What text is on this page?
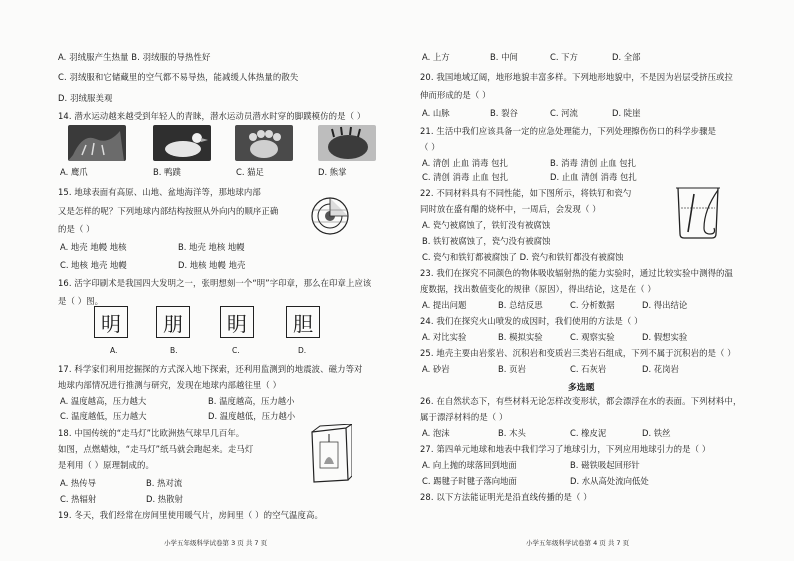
A. 羽绒服产生热量 B. 羽绒服的导热性好
C. 羽绒服和它储藏里的空气都不易导热，能减缓人体热量的散失
D. 羽绒服美观
14. 潜水运动越来越受到年轻人的青睐，潜水运动员潜水时穿的脚蹼模仿的是（ ）
A. 鹰爪	B. 鸭蹼	C. 猫足	D. 熊掌
15. 地球表面有高原、山地、盆地海洋等，那地球内部
又是怎样的呢？下列地球内部结构按照从外向内的顺序正确
的是（ ）
A. 地壳 地幔 地核	B. 地壳 地核 地幔
C. 地核 地壳 地幔	D. 地核 地幔 地壳
16. 活字印刷术是我国四大发明之一，张明想刻一个“明”字印章，那么在印章上应该
是（ ）图。
明	朋	眀	胆
A.	B.	C.	D.
17. 科学家们利用挖掘探的方式深入地下探索，还利用监测到的地震波、磁力等对
地球内部情况进行推测与研究，发现在地球内部越往里（ ）
A. 温度越高，压力越大	B. 温度越高，压力越小
C. 温度越低，压力越大	D. 温度越低，压力越小
18. 中国传统的“走马灯”比欧洲热气球早几百年。
如图，点燃蜡烛，“走马灯”纸马就会跑起来。走马灯
是利用（ ）原理制成的。
A. 热传导	B. 热对流
C. 热辐射	D. 热散射
19. 冬天，我们经常在房间里使用暖气片，房间里（ ）的空气温度高。
小学五年级科学试卷第 3 页 共 7 页
A. 上方	B. 中间	C. 下方	D. 全部
20. 我国地域辽阔，地形地貌丰富多样。下列地形地貌中，不是因为岩层受挤压或拉
伸而形成的是（ ）
A. 山脉	B. 裂谷	C. 河流	D. 陡崖
21. 生活中我们应该具备一定的应急处理能力，下列处理擦伤伤口的科学步骤是
（ ）
A. 清创 止血 消毒 包扎	B. 消毒 清创 止血 包扎
C. 清创 消毒 止血 包扎	D. 止血 清创 消毒 包扎
22. 不同材料具有不同性能，如下图所示，将铁钉和瓷勺
同时放在盛有醋的烧杯中，一周后，会发现（ ）
A. 瓷勺被腐蚀了，铁钉没有被腐蚀
B. 铁钉被腐蚀了，瓷勺没有被腐蚀
C. 瓷勺和铁钉都被腐蚀了 D. 瓷勺和铁钉都没有被腐蚀
23. 我们在探究不同颜色的物体吸收辐射热的能力实验时，通过比较实验中测得的温
度数据，找出数值变化的规律（原因），得出结论，这是在（ ）
A. 提出问题	B. 总结反思	C. 分析数据	D. 得出结论
24. 我们在探究火山喷发的成因时，我们使用的方法是（ ）
A. 对比实验	B. 模拟实验	C. 观察实验	D. 假想实验
25. 地壳主要由岩浆岩、沉积岩和变质岩三类岩石组成，下列不属于沉积岩的是（ ）
A. 砂岩	B. 页岩	C. 石灰岩	D. 花岗岩
多选题
26. 在自然状态下，有些材料无论怎样改变形状，都会漂浮在水的表面。下列材料中，
属于漂浮材料的是（ ）
A. 泡沫	B. 木头	C. 橡皮泥	D. 铁丝
27. 第四单元地球和地表中我们学习了地球引力，下列应用地球引力的是（ ）
A. 向上抛的球落回到地面	B. 磁铁吸起回形针
C. 踢毽子时毽子落向地面	D. 水从高处流向低处
28. 以下方法能证明光是沿直线传播的是（ ）
小学五年级科学试卷第 4 页 共 7 页
